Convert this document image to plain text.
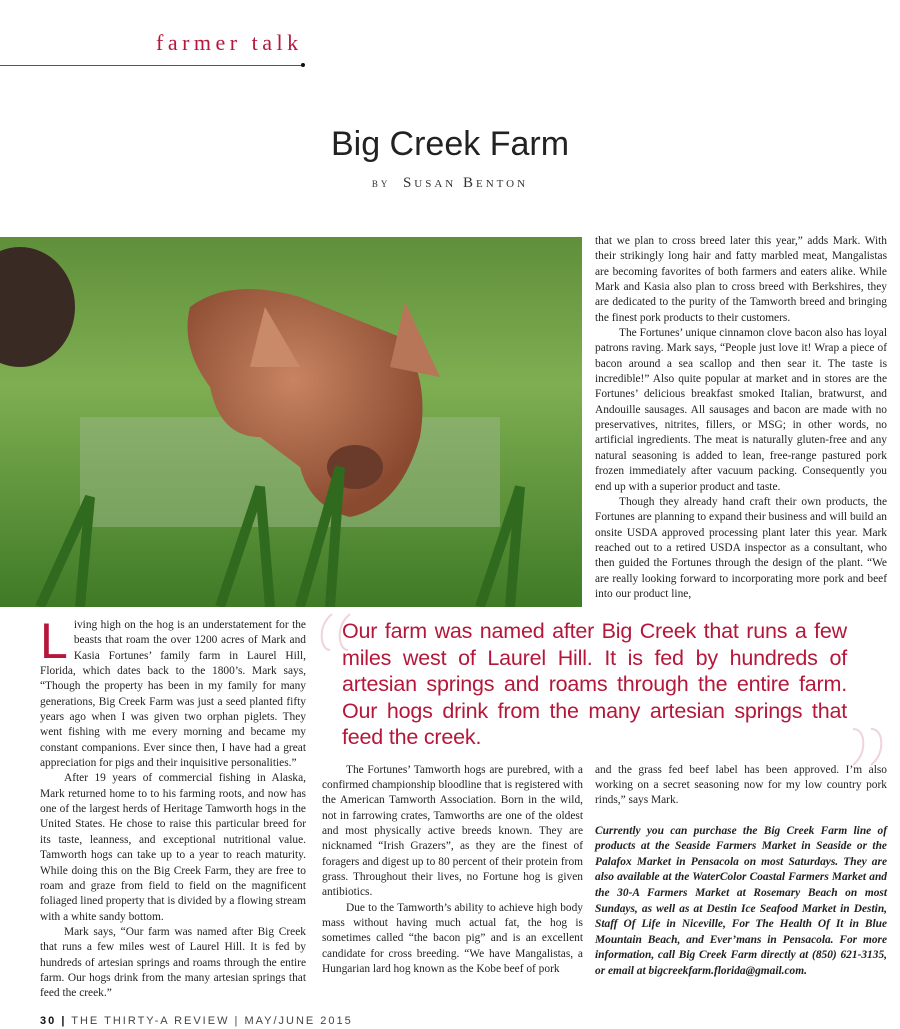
farmer talk
Big Creek Farm
by Susan Benton

that we plan to cross breed later this year,” adds Mark. With their strikingly long hair and fatty marbled meat, Mangalistas are becoming favorites of both farmers and eaters alike. While Mark and Kasia also plan to cross breed with Berkshires, they are dedicated to the purity of the Tamworth breed and bringing the finest pork products to their customers.

The Fortunes’ unique cinnamon clove bacon also has loyal patrons raving. Mark says, “People just love it! Wrap a piece of bacon around a sea scallop and then sear it. The taste is incredible!” Also quite popular at market and in stores are the Fortunes’ delicious breakfast smoked Italian, bratwurst, and Andouille sausages. All sausages and bacon are made with no preservatives, nitrites, fillers, or MSG; in other words, no artificial ingredients. The meat is naturally gluten-free and any natural seasoning is added to lean, free-range pastured pork frozen immediately after vacuum packing. Consequently you end up with a superior product and taste.

Though they already hand craft their own products, the Fortunes are planning to expand their business and will build an onsite USDA approved processing plant later this year. Mark reached out to a retired USDA inspector as a consultant, who then guided the Fortunes through the design of the plant. “We are really looking forward to incorporating more pork and beef into our product line,

Living high on the hog is an understatement for the beasts that roam the over 1200 acres of Mark and Kasia Fortunes’ family farm in Laurel Hill, Florida, which dates back to the 1800’s. Mark says, “Though the property has been in my family for many generations, Big Creek Farm was just a seed planted fifty years ago when I was given two orphan piglets. They went fishing with me every morning and became my constant companions. Ever since then, I have had a great appreciation for pigs and their inquisitive personalities.”

After 19 years of commercial fishing in Alaska, Mark returned home to to his farming roots, and now has one of the largest herds of Heritage Tamworth hogs in the United States. He chose to raise this particular breed for its taste, leanness, and exceptional nutritional value. Tamworth hogs can take up to a year to reach maturity. While doing this on the Big Creek Farm, they are free to roam and graze from field to field on the magnificent foliaged lined property that is divided by a flowing stream with a white sandy bottom.

Mark says, “Our farm was named after Big Creek that runs a few miles west of Laurel Hill. It is fed by hundreds of artesian springs and roams through the entire farm. Our hogs drink from the many artesian springs that feed the creek.”

30 | THE THIRTY-A REVIEW | MAY/JUNE 2015
Our farm was named after Big Creek that runs a few miles west of Laurel Hill. It is fed by hundreds of artesian springs and roams through the entire farm. Our hogs drink from the many artesian springs that feed the creek.

The Fortunes’ Tamworth hogs are purebred, with a confirmed championship bloodline that is registered with the American Tamworth Association. Born in the wild, not in farrowing crates, Tamworths are one of the oldest and most physically active breeds known. They are nicknamed “Irish Grazers”, as they are the finest of foragers and digest up to 80 percent of their protein from grass. Throughout their lives, no Fortune hog is given antibiotics.

Due to the Tamworth’s ability to achieve high body mass without having much actual fat, the hog is sometimes called “the bacon pig” and is an excellent candidate for cross breeding. “We have Mangalistas, a Hungarian lard hog known as the Kobe beef of pork

and the grass fed beef label has been approved. I’m also working on a secret seasoning now for my low country pork rinds,” says Mark.

Currently you can purchase the Big Creek Farm line of products at the Seaside Farmers Market in Seaside or the Palafox Market in Pensacola on most Saturdays. They are also available at the WaterColor Coastal Farmers Market and the 30-A Farmers Market at Rosemary Beach on most Sundays, as well as at Destin Ice Seafood Market in Destin, Staff Of Life in Niceville, For The Health Of It in Blue Mountain Beach, and Ever’mans in Pensacola. For more information, call Big Creek Farm directly at (850) 621-3135, or email at bigcreekfarm.florida@gmail.com.
